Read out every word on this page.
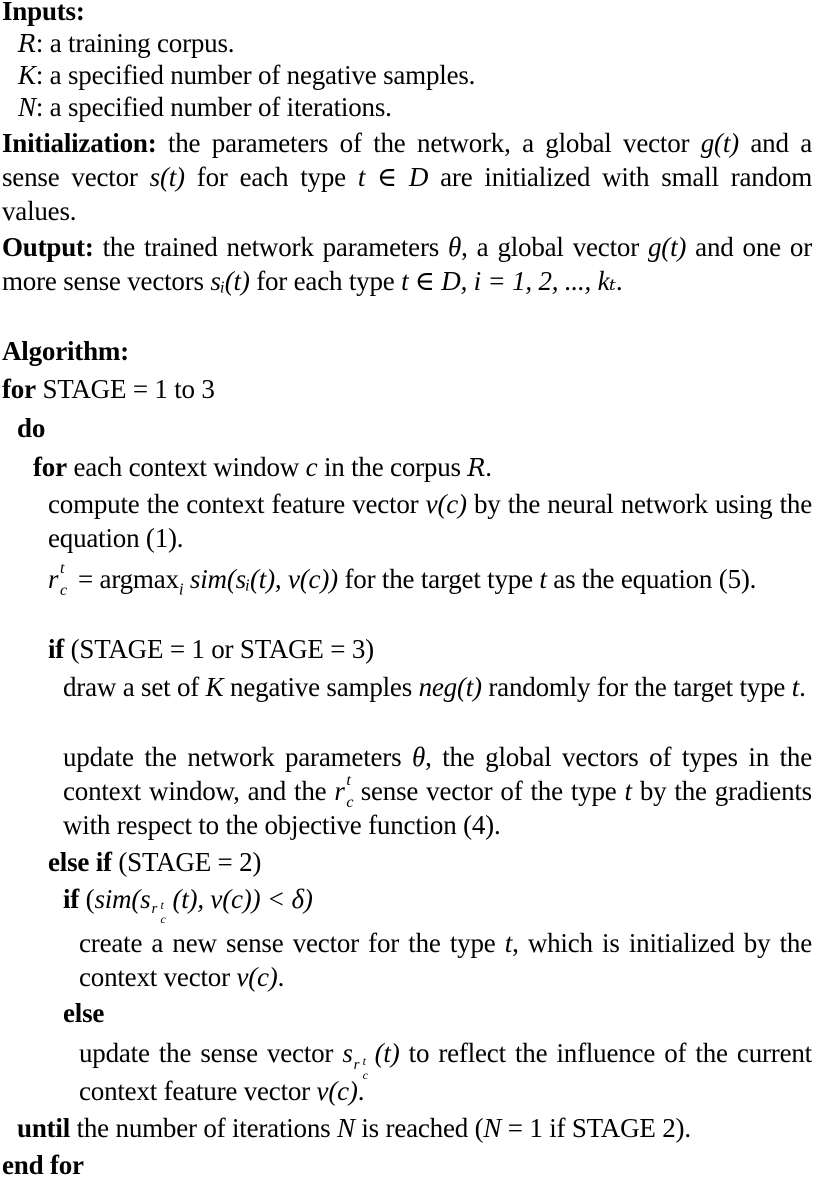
Inputs:
R: a training corpus.
K: a specified number of negative samples.
N: a specified number of iterations.
Initialization: the parameters of the network, a global vector g(t) and a sense vector s(t) for each type t ∈ D are initialized with small random values.
Output: the trained network parameters θ, a global vector g(t) and one or more sense vectors sᵢ(t) for each type t ∈ D, i = 1, 2, ..., kₜ.
Algorithm:
for STAGE = 1 to 3
do
for each context window c in the corpus R.
compute the context feature vector v(c) by the neural network using the equation (1).
r t
c = argmax$_i$ sim(sᵢ(t), v(c)) for the target type t as the equation (5).
if (STAGE = 1 or STAGE = 3)
draw a set of K negative samples neg(t) randomly for the target type t.
update the network parameters θ, the global vectors of types in the context window, and the r t
c sense vector of the type t by the gradients with respect to the objective function (4).
else if (STAGE = 2)
if (sim(s r t
c
(t), v(c)) < δ)
create a new sense vector for the type t, which is initialized by the context vector v(c).
else
update the sense vector s r t
c
(t) to reflect the influence of the current context feature vector v(c).
until the number of iterations N is reached (N = 1 if STAGE 2).
end for
